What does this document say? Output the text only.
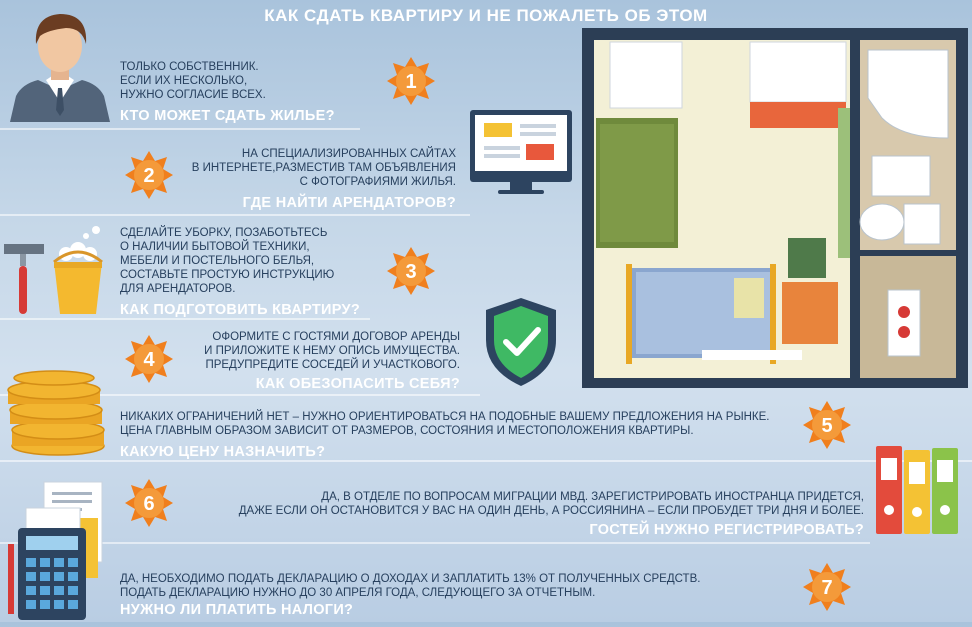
КАК СДАТЬ КВАРТИРУ И НЕ ПОЖАЛЕТЬ ОБ ЭТОМ
ТОЛЬКО СОБСТВЕННИК.
ЕСЛИ ИХ НЕСКОЛЬКО,
НУЖНО СОГЛАСИЕ ВСЕХ.
КТО МОЖЕТ СДАТЬ ЖИЛЬЕ?
1
2
НА СПЕЦИАЛИЗИРОВАННЫХ САЙТАХ
В ИНТЕРНЕТЕ,РАЗМЕСТИВ ТАМ ОБЪЯВЛЕНИЯ
С ФОТОГРАФИЯМИ ЖИЛЬЯ.
ГДЕ НАЙТИ АРЕНДАТОРОВ?
СДЕЛАЙТЕ УБОРКУ, ПОЗАБОТЬТЕСЬ
О НАЛИЧИИ БЫТОВОЙ ТЕХНИКИ,
МЕБЕЛИ И ПОСТЕЛЬНОГО БЕЛЬЯ,
СОСТАВЬТЕ ПРОСТУЮ ИНСТРУКЦИЮ
ДЛЯ АРЕНДАТОРОВ.
КАК ПОДГОТОВИТЬ КВАРТИРУ?
3
4
ОФОРМИТЕ С ГОСТЯМИ ДОГОВОР АРЕНДЫ
И ПРИЛОЖИТЕ К НЕМУ ОПИСЬ ИМУЩЕСТВА.
ПРЕДУПРЕДИТЕ СОСЕДЕЙ И УЧАСТКОВОГО.
КАК ОБЕЗОПАСИТЬ СЕБЯ?
НИКАКИХ ОГРАНИЧЕНИЙ НЕТ – НУЖНО ОРИЕНТИРОВАТЬСЯ НА ПОДОБНЫЕ ВАШЕМУ ПРЕДЛОЖЕНИЯ НА РЫНКЕ.
ЦЕНА ГЛАВНЫМ ОБРАЗОМ ЗАВИСИТ ОТ РАЗМЕРОВ, СОСТОЯНИЯ И МЕСТОПОЛОЖЕНИЯ КВАРТИРЫ.
КАКУЮ ЦЕНУ НАЗНАЧИТЬ?
5
6	ДА, В ОТДЕЛЕ ПО ВОПРОСАМ МИГРАЦИИ МВД. ЗАРЕГИСТРИРОВАТЬ ИНОСТРАНЦА ПРИДЕТСЯ,
ДАЖЕ ЕСЛИ ОН ОСТАНОВИТСЯ У ВАС НА ОДИН ДЕНЬ, А РОССИЯНИНА – ЕСЛИ ПРОБУДЕТ ТРИ ДНЯ И БОЛЕЕ.
ГОСТЕЙ НУЖНО РЕГИСТРИРОВАТЬ?
ДА, НЕОБХОДИМО ПОДАТЬ ДЕКЛАРАЦИЮ О ДОХОДАХ И ЗАПЛАТИТЬ 13% ОТ ПОЛУЧЕННЫХ СРЕДСТВ.
ПОДАТЬ ДЕКЛАРАЦИЮ НУЖНО ДО 30 АПРЕЛЯ ГОДА, СЛЕДУЮЩЕГО ЗА ОТЧЕТНЫМ.
НУЖНО ЛИ ПЛАТИТЬ НАЛОГИ?
7
